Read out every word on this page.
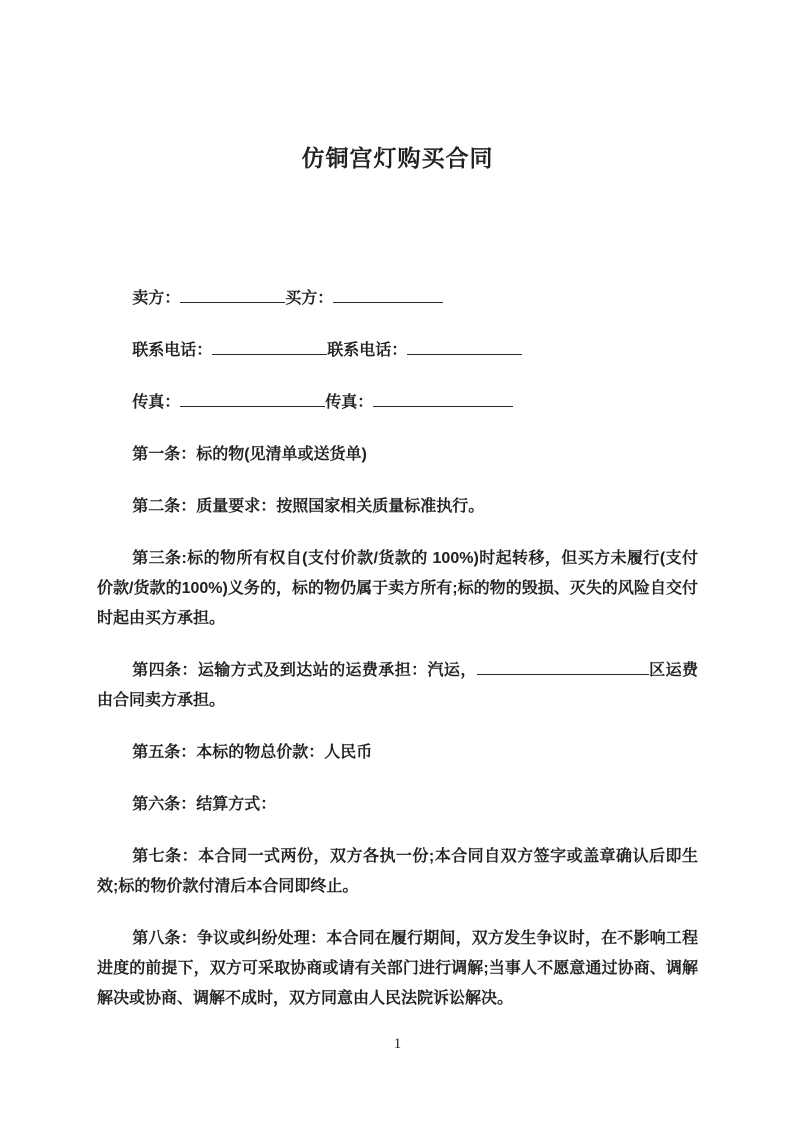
仿铜宫灯购买合同

卖方：	买方：

联系电话：	联系电话：

传真：	传真：

第一条：标的物(见清单或送货单)

第二条：质量要求：按照国家相关质量标准执行。

第三条:标的物所有权自(支付价款/货款的 100%)时起转移，但买方未履行(支付价款/货款的100%)义务的，标的物仍属于卖方所有;标的物的毁损、灭失的风险自交付时起由买方承担。

第四条：运输方式及到达站的运费承担：汽运，	区运费由合同卖方承担。

第五条：本标的物总价款：人民币

第六条：结算方式：

第七条：本合同一式两份，双方各执一份;本合同自双方签字或盖章确认后即生效;标的物价款付清后本合同即终止。

第八条：争议或纠纷处理：本合同在履行期间，双方发生争议时，在不影响工程进度的前提下，双方可采取协商或请有关部门进行调解;当事人不愿意通过协商、调解解决或协商、调解不成时，双方同意由人民法院诉讼解决。

1
